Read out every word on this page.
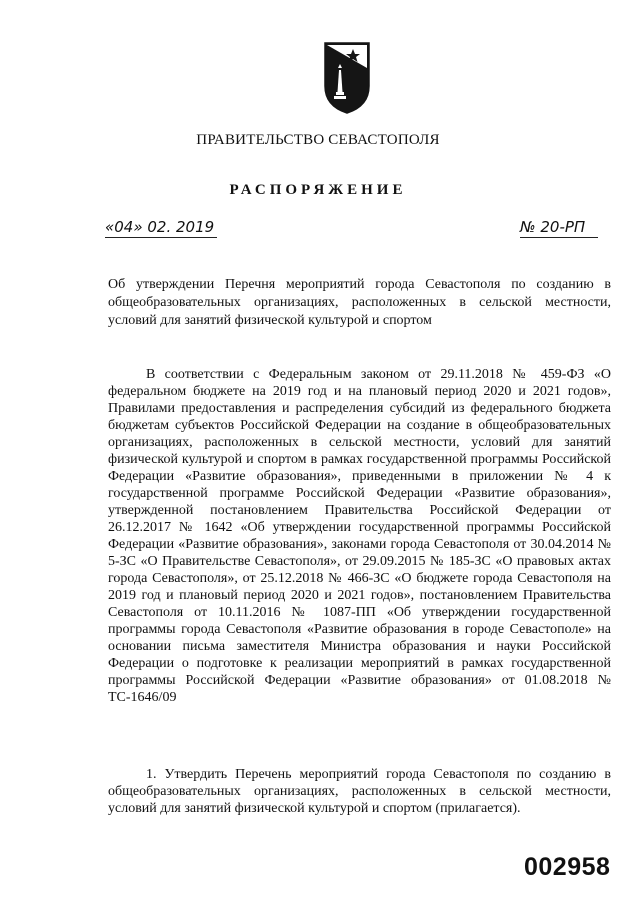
ПРАВИТЕЛЬСТВО СЕВАСТОПОЛЯ
РАСПОРЯЖЕНИЕ
«04» 02. 2019	№ 20-РП
Об утверждении Перечня мероприятий города Севастополя по созданию в общеобразовательных организациях, расположенных в сельской местности, условий для занятий физической культурой и спортом
В соответствии с Федеральным законом от 29.11.2018 № 459-ФЗ «О федеральном бюджете на 2019 год и на плановый период 2020 и 2021 годов», Правилами предоставления и распределения субсидий из федерального бюджета бюджетам субъектов Российской Федерации на создание в общеобразовательных организациях, расположенных в сельской местности, условий для занятий физической культурой и спортом в рамках государственной программы Российской Федерации «Развитие образования», приведенными в приложении № 4 к государственной программе Российской Федерации «Развитие образования», утвержденной постановлением Правительства Российской Федерации от 26.12.2017 № 1642 «Об утверждении государственной программы Российской Федерации «Развитие образования», законами города Севастополя от 30.04.2014 № 5-ЗС «О Правительстве Севастополя», от 29.09.2015 № 185-ЗС «О правовых актах города Севастополя», от 25.12.2018 № 466-ЗС «О бюджете города Севастополя на 2019 год и плановый период 2020 и 2021 годов», постановлением Правительства Севастополя от 10.11.2016 № 1087-ПП «Об утверждении государственной программы города Севастополя «Развитие образования в городе Севастополе» на основании письма заместителя Министра образования и науки Российской Федерации о подготовке к реализации мероприятий в рамках государственной программы Российской Федерации «Развитие образования» от 01.08.2018 № ТС-1646/09
1. Утвердить Перечень мероприятий города Севастополя по созданию в общеобразовательных организациях, расположенных в сельской местности, условий для занятий физической культурой и спортом (прилагается).
002958
